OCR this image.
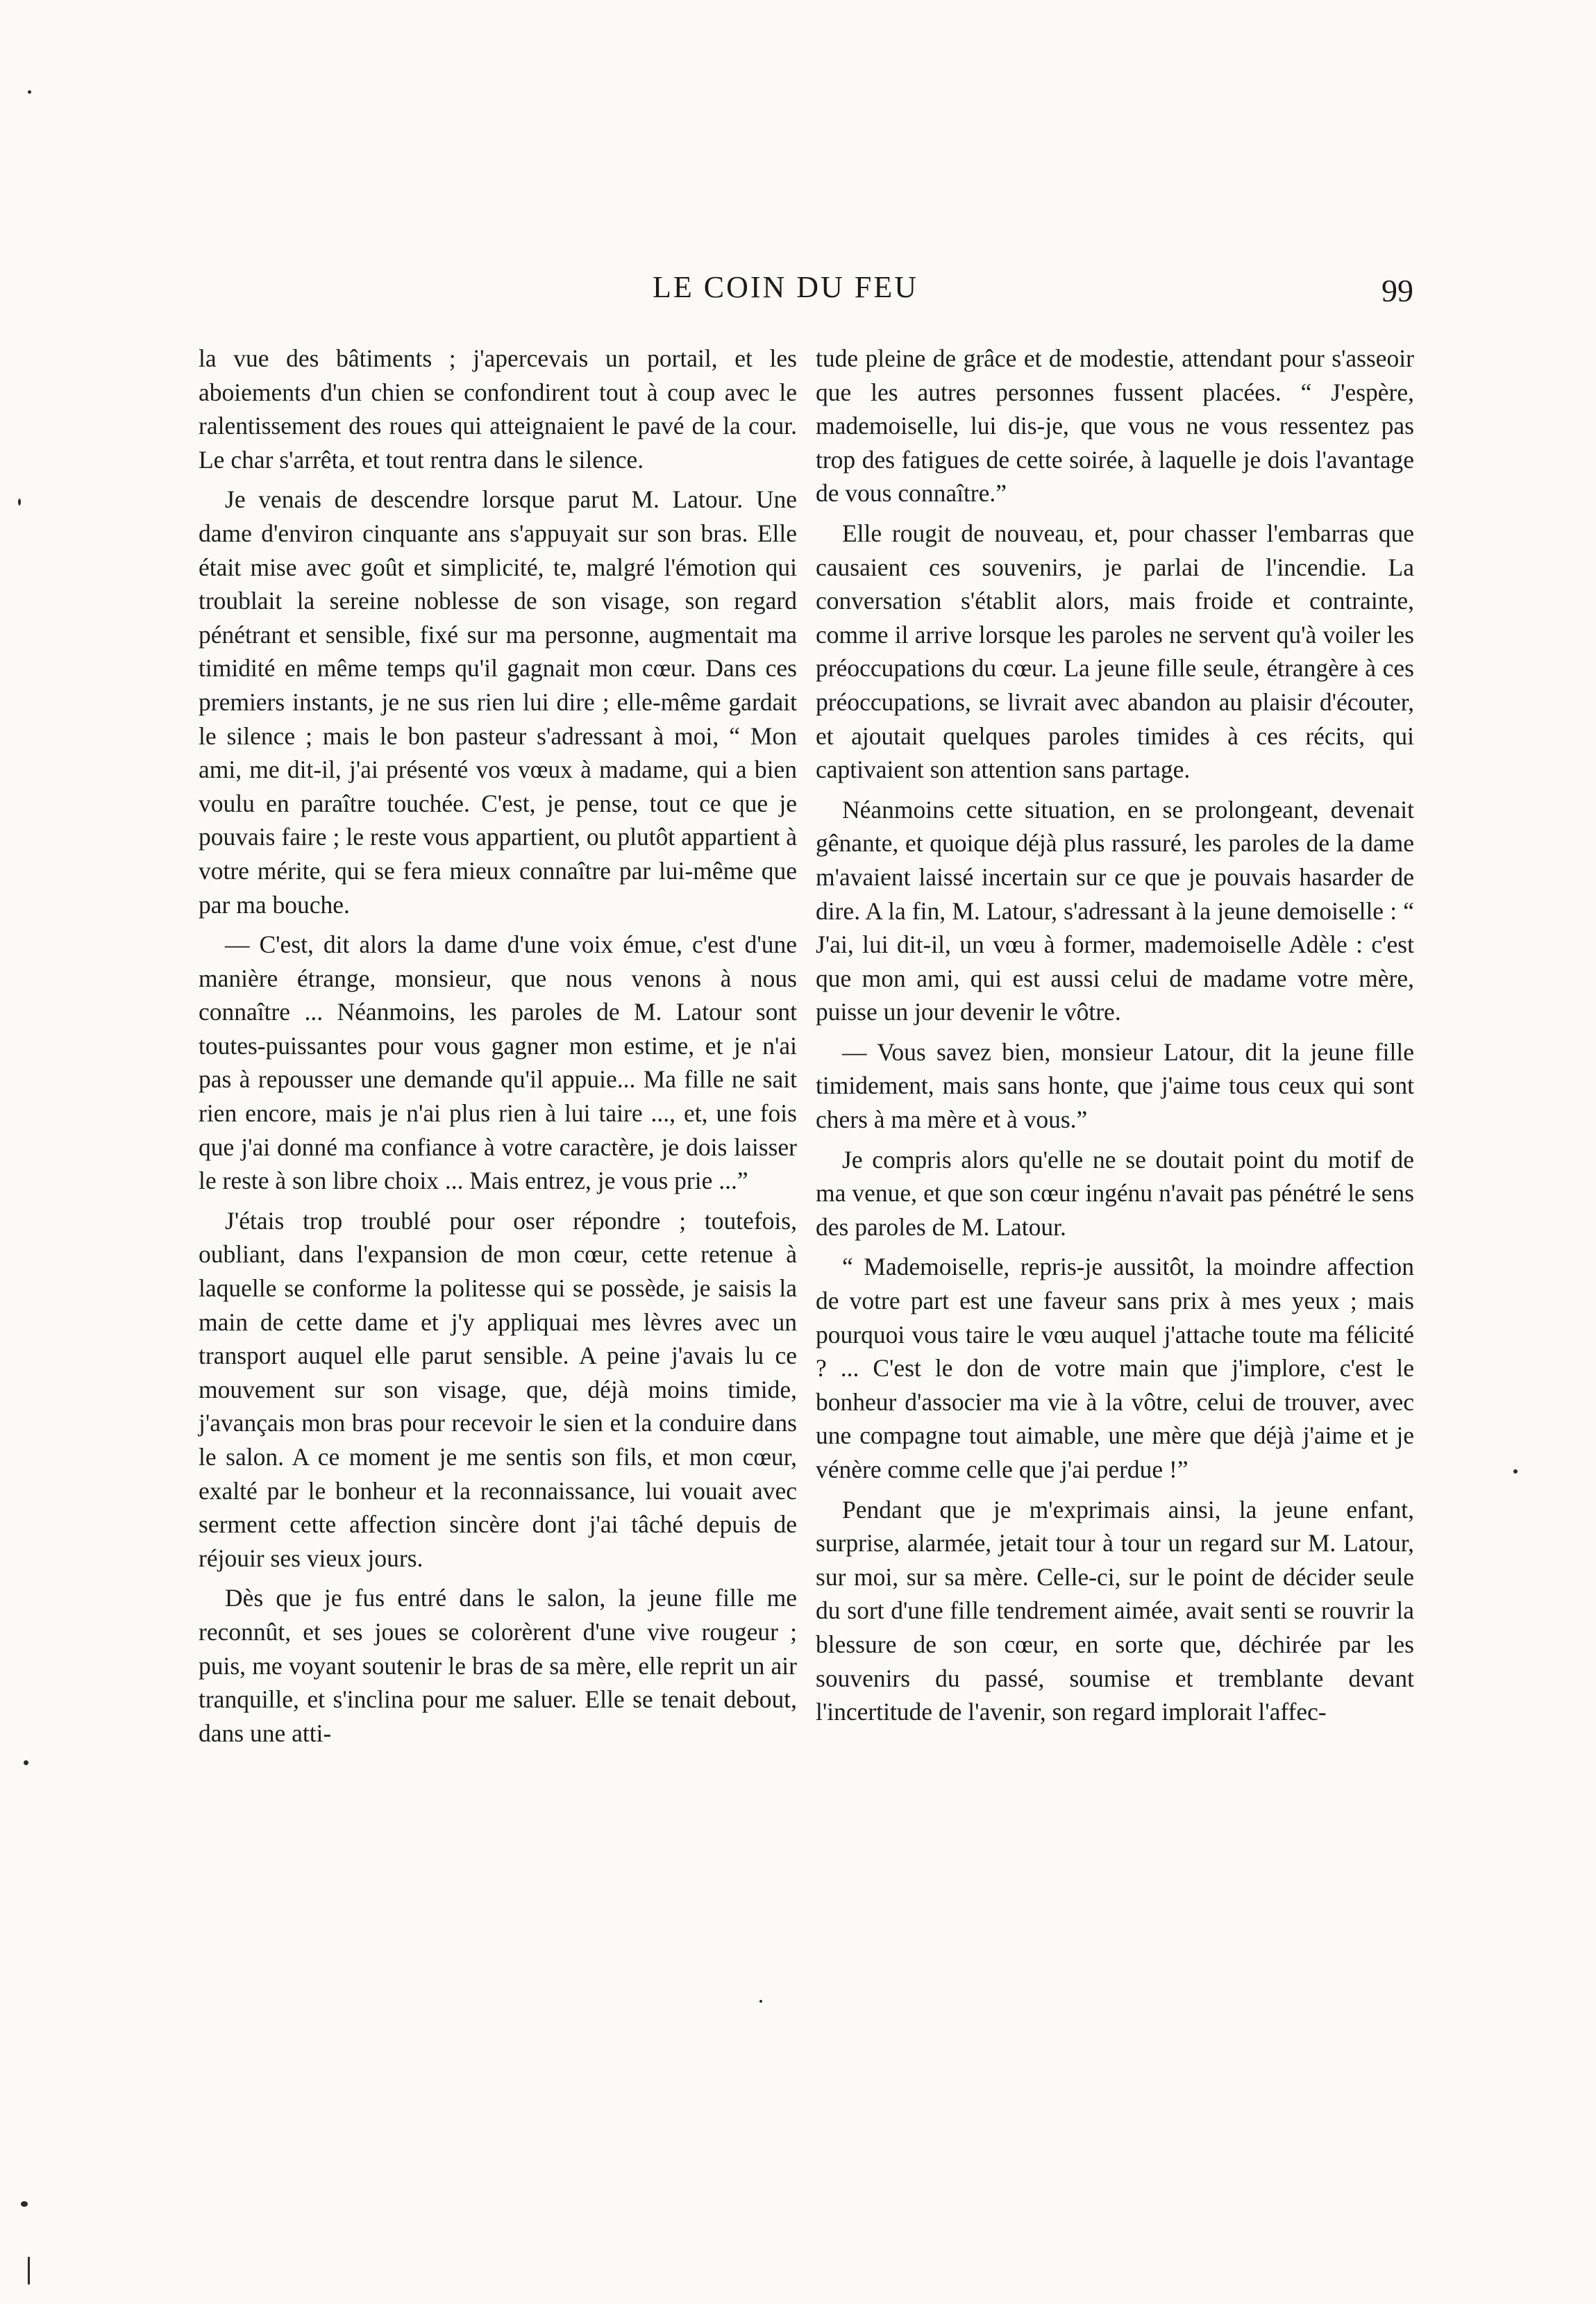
LE COIN DU FEU	99

la vue des bâtiments ; j'apercevais un portail, et les aboiements d'un chien se confondirent tout à coup avec le ralentissement des roues qui atteignaient le pavé de la cour. Le char s'arrêta, et tout rentra dans le silence.

Je venais de descendre lorsque parut M. Latour. Une dame d'environ cinquante ans s'appuyait sur son bras. Elle était mise avec goût et simplicité, te, malgré l'émotion qui troublait la sereine noblesse de son visage, son regard pénétrant et sensible, fixé sur ma personne, augmentait ma timidité en même temps qu'il gagnait mon cœur. Dans ces premiers instants, je ne sus rien lui dire ; elle-même gardait le silence ; mais le bon pasteur s'adressant à moi, “ Mon ami, me dit-il, j'ai présenté vos vœux à madame, qui a bien voulu en paraître touchée. C'est, je pense, tout ce que je pouvais faire ; le reste vous appartient, ou plutôt appartient à votre mérite, qui se fera mieux connaître par lui-même que par ma bouche.

— C'est, dit alors la dame d'une voix émue, c'est d'une manière étrange, monsieur, que nous venons à nous connaître ... Néanmoins, les paroles de M. Latour sont toutes-puissantes pour vous gagner mon estime, et je n'ai pas à repousser une demande qu'il appuie... Ma fille ne sait rien encore, mais je n'ai plus rien à lui taire ..., et, une fois que j'ai donné ma confiance à votre caractère, je dois laisser le reste à son libre choix ... Mais entrez, je vous prie ...”

J'étais trop troublé pour oser répondre ; toutefois, oubliant, dans l'expansion de mon cœur, cette retenue à laquelle se conforme la politesse qui se possède, je saisis la main de cette dame et j'y appliquai mes lèvres avec un transport auquel elle parut sensible. A peine j'avais lu ce mouvement sur son visage, que, déjà moins timide, j'avançais mon bras pour recevoir le sien et la conduire dans le salon. A ce moment je me sentis son fils, et mon cœur, exalté par le bonheur et la reconnaissance, lui vouait avec serment cette affection sincère dont j'ai tâché depuis de réjouir ses vieux jours.

Dès que je fus entré dans le salon, la jeune fille me reconnût, et ses joues se colorèrent d'une vive rougeur ; puis, me voyant soutenir le bras de sa mère, elle reprit un air tranquille, et s'inclina pour me saluer. Elle se tenait debout, dans une atti-

tude pleine de grâce et de modestie, attendant pour s'asseoir que les autres personnes fussent placées. “ J'espère, mademoiselle, lui dis-je, que vous ne vous ressentez pas trop des fatigues de cette soirée, à laquelle je dois l'avantage de vous connaître.”

Elle rougit de nouveau, et, pour chasser l'embarras que causaient ces souvenirs, je parlai de l'incendie. La conversation s'établit alors, mais froide et contrainte, comme il arrive lorsque les paroles ne servent qu'à voiler les préoccupations du cœur. La jeune fille seule, étrangère à ces préoccupations, se livrait avec abandon au plaisir d'écouter, et ajoutait quelques paroles timides à ces récits, qui captivaient son attention sans partage.

Néanmoins cette situation, en se prolongeant, devenait gênante, et quoique déjà plus rassuré, les paroles de la dame m'avaient laissé incertain sur ce que je pouvais hasarder de dire. A la fin, M. Latour, s'adressant à la jeune demoiselle : “ J'ai, lui dit-il, un vœu à former, mademoiselle Adèle : c'est que mon ami, qui est aussi celui de madame votre mère, puisse un jour devenir le vôtre.

— Vous savez bien, monsieur Latour, dit la jeune fille timidement, mais sans honte, que j'aime tous ceux qui sont chers à ma mère et à vous.”

Je compris alors qu'elle ne se doutait point du motif de ma venue, et que son cœur ingénu n'avait pas pénétré le sens des paroles de M. Latour.

“ Mademoiselle, repris-je aussitôt, la moindre affection de votre part est une faveur sans prix à mes yeux ; mais pourquoi vous taire le vœu auquel j'attache toute ma félicité ? ... C'est le don de votre main que j'implore, c'est le bonheur d'associer ma vie à la vôtre, celui de trouver, avec une compagne tout aimable, une mère que déjà j'aime et je vénère comme celle que j'ai perdue !”

Pendant que je m'exprimais ainsi, la jeune enfant, surprise, alarmée, jetait tour à tour un regard sur M. Latour, sur moi, sur sa mère. Celle-ci, sur le point de décider seule du sort d'une fille tendrement aimée, avait senti se rouvrir la blessure de son cœur, en sorte que, déchirée par les souvenirs du passé, soumise et tremblante devant l'incertitude de l'avenir, son regard implorait l'affec-
